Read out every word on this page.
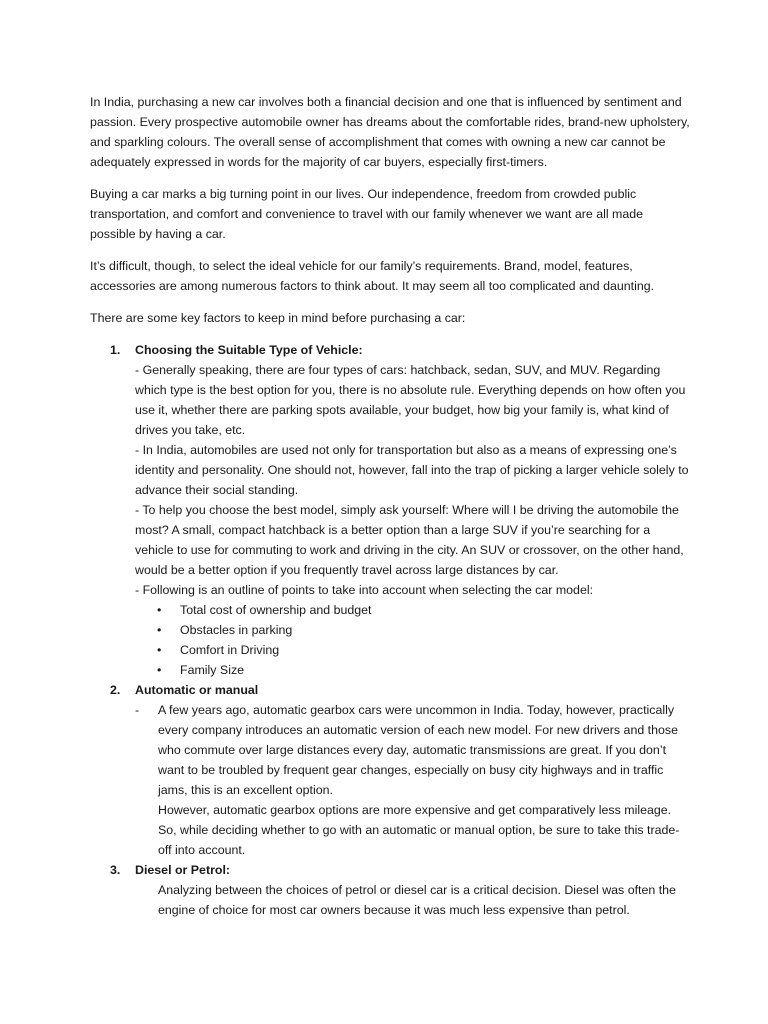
In India, purchasing a new car involves both a financial decision and one that is influenced by sentiment and passion. Every prospective automobile owner has dreams about the comfortable rides, brand-new upholstery, and sparkling colours. The overall sense of accomplishment that comes with owning a new car cannot be adequately expressed in words for the majority of car buyers, especially first-timers.

Buying a car marks a big turning point in our lives. Our independence, freedom from crowded public transportation, and comfort and convenience to travel with our family whenever we want are all made possible by having a car.

It’s difficult, though, to select the ideal vehicle for our family’s requirements. Brand, model, features, accessories are among numerous factors to think about. It may seem all too complicated and daunting.

There are some key factors to keep in mind before purchasing a car:

1. Choosing the Suitable Type of Vehicle:
- Generally speaking, there are four types of cars: hatchback, sedan, SUV, and MUV. Regarding which type is the best option for you, there is no absolute rule. Everything depends on how often you use it, whether there are parking spots available, your budget, how big your family is, what kind of drives you take, etc.
- In India, automobiles are used not only for transportation but also as a means of expressing one’s identity and personality. One should not, however, fall into the trap of picking a larger vehicle solely to advance their social standing.
- To help you choose the best model, simply ask yourself: Where will I be driving the automobile the most? A small, compact hatchback is a better option than a large SUV if you’re searching for a vehicle to use for commuting to work and driving in the city. An SUV or crossover, on the other hand, would be a better option if you frequently travel across large distances by car.
- Following is an outline of points to take into account when selecting the car model:
• Total cost of ownership and budget
• Obstacles in parking
• Comfort in Driving
• Family Size
2. Automatic or manual
- A few years ago, automatic gearbox cars were uncommon in India. Today, however, practically every company introduces an automatic version of each new model. For new drivers and those who commute over large distances every day, automatic transmissions are great. If you don’t want to be troubled by frequent gear changes, especially on busy city highways and in traffic jams, this is an excellent option.
However, automatic gearbox options are more expensive and get comparatively less mileage. So, while deciding whether to go with an automatic or manual option, be sure to take this trade-off into account.
3. Diesel or Petrol:
Analyzing between the choices of petrol or diesel car is a critical decision. Diesel was often the engine of choice for most car owners because it was much less expensive than petrol.
